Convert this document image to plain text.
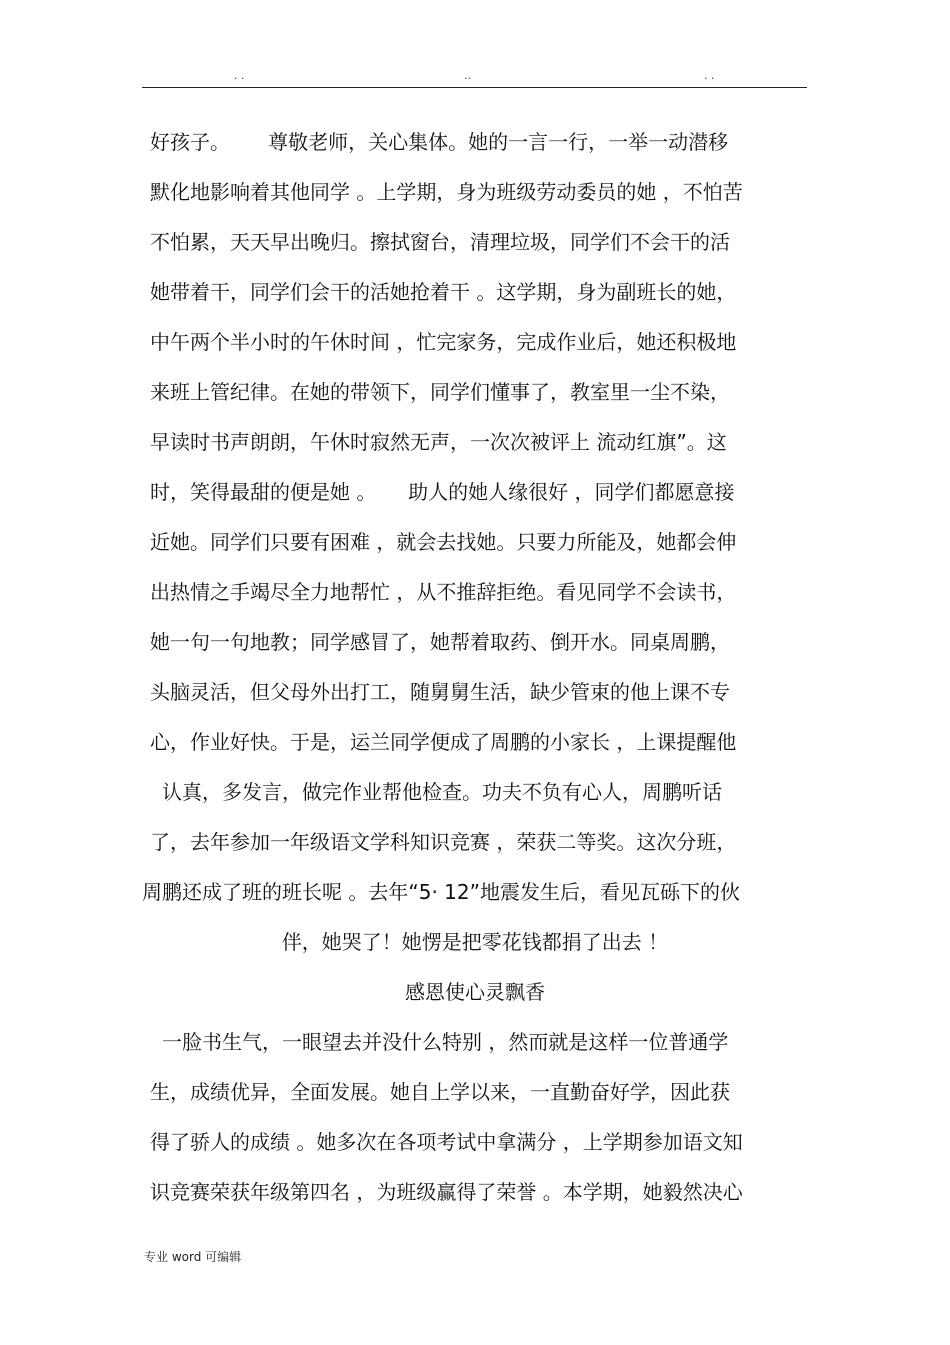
. .	..	. .
好孩子。      尊敬老师，关心集体。她的一言一行，一举一动潜移
默化地影响着其他同学 。上学期，身为班级劳动委员的她 ，不怕苦
不怕累，天天早出晚归。擦拭窗台，清理垃圾，同学们不会干的活
她带着干，同学们会干的活她抢着干 。这学期，身为副班长的她，
中午两个半小时的午休时间 ，忙完家务，完成作业后，她还积极地
来班上管纪律。在她的带领下，同学们懂事了，教室里一尘不染，
早读时书声朗朗，午休时寂然无声，一次次被评上 流动红旗”。这
时，笑得最甜的便是她 。     助人的她人缘很好 ，同学们都愿意接
近她。同学们只要有困难 ，就会去找她。只要力所能及，她都会伸
出热情之手竭尽全力地帮忙 ，从不推辞拒绝。看见同学不会读书，
她一句一句地教；同学感冒了，她帮着取药、倒开水。同桌周鹏，
头脑灵活，但父母外出打工，随舅舅生活，缺少管束的他上课不专
心，作业好快。于是，运兰同学便成了周鹏的小家长 ，上课提醒他
认真，多发言，做完作业帮他检查。功夫不负有心人，周鹏听话
了，去年参加一年级语文学科知识竞赛 ，荣获二等奖。这次分班，
周鹏还成了班的班长呢 。去年“5· 12”地震发生后，看见瓦砾下的伙
伴，她哭了！她愣是把零花钱都捐了出去 ！
感恩使心灵飘香
一脸书生气，一眼望去并没什么特别 ，然而就是这样一位普通学
生，成绩优异，全面发展。她自上学以来，一直勤奋好学，因此获
得了骄人的成绩 。她多次在各项考试中拿满分 ，上学期参加语文知
识竞赛荣获年级第四名 ，为班级赢得了荣誉 。本学期，她毅然决心
专业 word 可编辑
